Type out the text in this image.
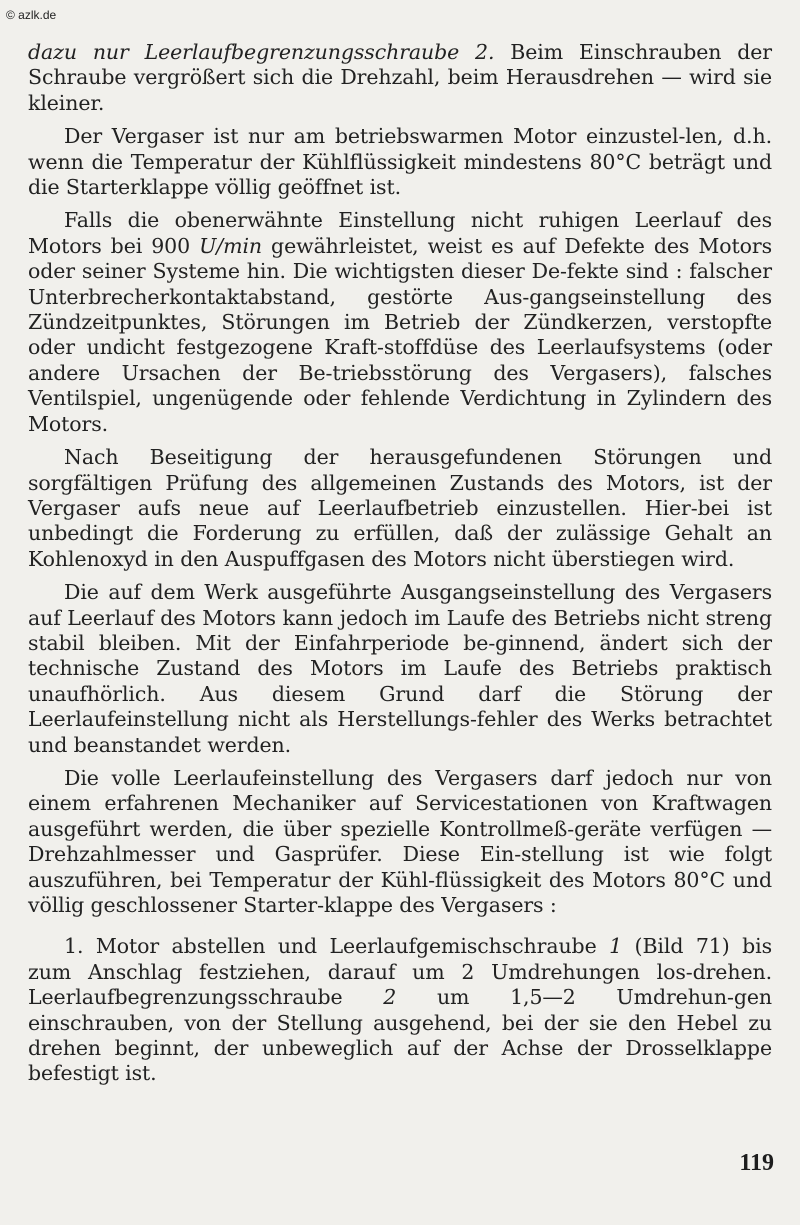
© azlk.de

dazu nur Leerlaufbegrenzungsschraube 2. Beim Einschrauben der Schraube vergrößert sich die Drehzahl, beim Herausdrehen — wird sie kleiner.

Der Vergaser ist nur am betriebswarmen Motor einzustel-len, d.h. wenn die Temperatur der Kühlflüssigkeit mindestens 80°C beträgt und die Starterklappe völlig geöffnet ist.

Falls die obenerwähnte Einstellung nicht ruhigen Leerlauf des Motors bei 900 U/min gewährleistet, weist es auf Defekte des Motors oder seiner Systeme hin. Die wichtigsten dieser De-fekte sind : falscher Unterbrecherkontaktabstand, gestörte Aus-gangseinstellung des Zündzeitpunktes, Störungen im Betrieb der Zündkerzen, verstopfte oder undicht festgezogene Kraft-stoffdüse des Leerlaufsystems (oder andere Ursachen der Be-triebsstörung des Vergasers), falsches Ventilspiel, ungenügende oder fehlende Verdichtung in Zylindern des Motors.

Nach Beseitigung der herausgefundenen Störungen und sorgfältigen Prüfung des allgemeinen Zustands des Motors, ist der Vergaser aufs neue auf Leerlaufbetrieb einzustellen. Hier-bei ist unbedingt die Forderung zu erfüllen, daß der zulässige Gehalt an Kohlenoxyd in den Auspuffgasen des Motors nicht überstiegen wird.

Die auf dem Werk ausgeführte Ausgangseinstellung des Vergasers auf Leerlauf des Motors kann jedoch im Laufe des Betriebs nicht streng stabil bleiben. Mit der Einfahrperiode be-ginnend, ändert sich der technische Zustand des Motors im Laufe des Betriebs praktisch unaufhörlich. Aus diesem Grund darf die Störung der Leerlaufeinstellung nicht als Herstellungs-fehler des Werks betrachtet und beanstandet werden.

Die volle Leerlaufeinstellung des Vergasers darf jedoch nur von einem erfahrenen Mechaniker auf Servicestationen von Kraftwagen ausgeführt werden, die über spezielle Kontrollmeß-geräte verfügen — Drehzahlmesser und Gasprüfer. Diese Ein-stellung ist wie folgt auszuführen, bei Temperatur der Kühl-flüssigkeit des Motors 80°C und völlig geschlossener Starter-klappe des Vergasers :

1. Motor abstellen und Leerlaufgemischschraube 1 (Bild 71) bis zum Anschlag festziehen, darauf um 2 Umdrehungen los-drehen. Leerlaufbegrenzungsschraube 2 um 1,5—2 Umdrehun-gen einschrauben, von der Stellung ausgehend, bei der sie den Hebel zu drehen beginnt, der unbeweglich auf der Achse der Drosselklappe befestigt ist.

119
